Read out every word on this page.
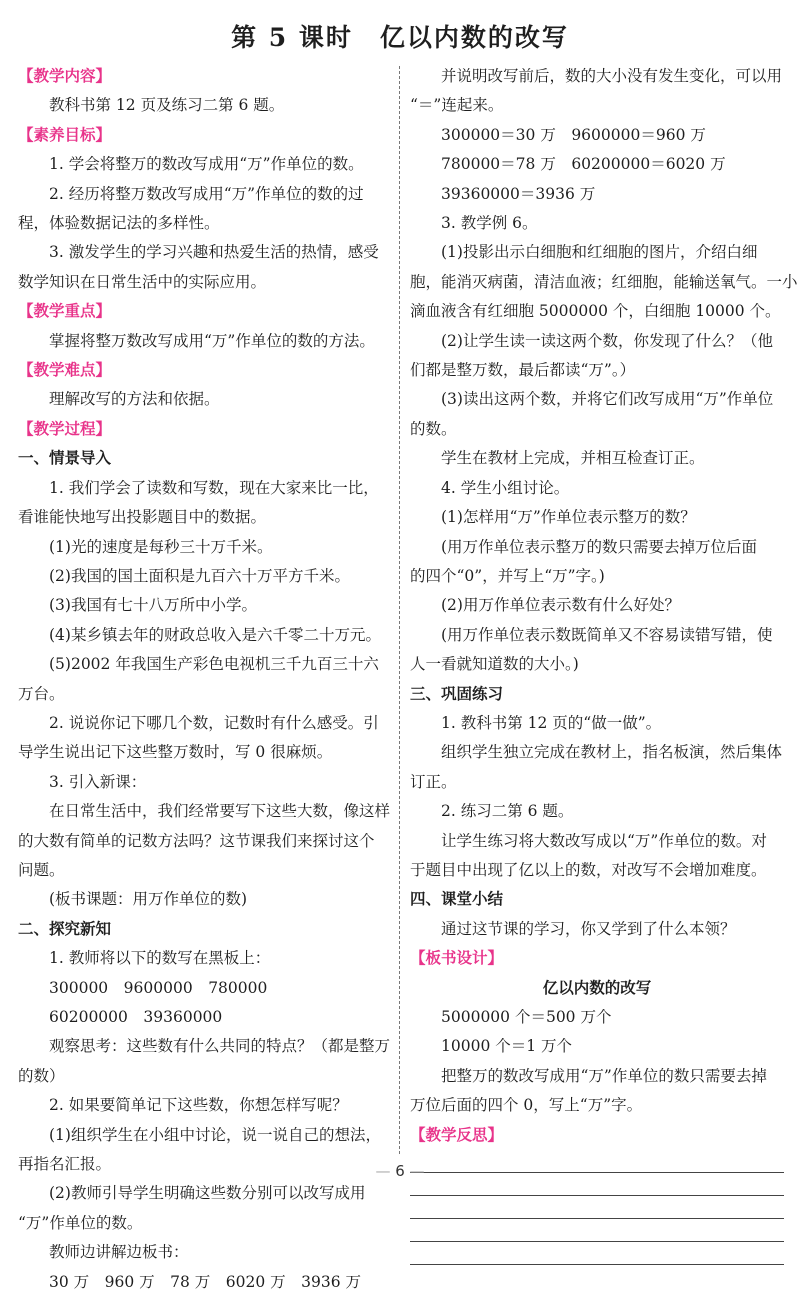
第 5 课时　亿以内数的改写
【教学内容】
教科书第 12 页及练习二第 6 题。
【素养目标】
1. 学会将整万的数改写成用“万”作单位的数。
2. 经历将整万数改写成用“万”作单位的数的过
程，体验数据记法的多样性。
3. 激发学生的学习兴趣和热爱生活的热情，感受
数学知识在日常生活中的实际应用。
【教学重点】
掌握将整万数改写成用“万”作单位的数的方法。
【教学难点】
理解改写的方法和依据。
【教学过程】
一、情景导入
1. 我们学会了读数和写数，现在大家来比一比，
看谁能快地写出投影题目中的数据。
(1)光的速度是每秒三十万千米。
(2)我国的国土面积是九百六十万平方千米。
(3)我国有七十八万所中小学。
(4)某乡镇去年的财政总收入是六千零二十万元。
(5)2002 年我国生产彩色电视机三千九百三十六
万台。
2. 说说你记下哪几个数，记数时有什么感受。引
导学生说出记下这些整万数时，写 0 很麻烦。
3. 引入新课：
在日常生活中，我们经常要写下这些大数，像这样
的大数有简单的记数方法吗？这节课我们来探讨这个
问题。
(板书课题：用万作单位的数)
二、探究新知
1. 教师将以下的数写在黑板上：
300000　9600000　780000
60200000　39360000
观察思考：这些数有什么共同的特点？（都是整万
的数）
2. 如果要简单记下这些数，你想怎样写呢？
(1)组织学生在小组中讨论，说一说自己的想法，
再指名汇报。
(2)教师引导学生明确这些数分别可以改写成用
“万”作单位的数。
教师边讲解边板书：
30 万　960 万　78 万　6020 万　3936 万
并说明改写前后，数的大小没有发生变化，可以用
“＝”连起来。
300000＝30 万　9600000＝960 万
780000＝78 万　60200000＝6020 万
39360000＝3936 万
3. 教学例 6。
(1)投影出示白细胞和红细胞的图片，介绍白细
胞，能消灭病菌，清洁血液；红细胞，能输送氧气。一小
滴血液含有红细胞 5000000 个，白细胞 10000 个。
(2)让学生读一读这两个数，你发现了什么？（他
们都是整万数，最后都读“万”。）
(3)读出这两个数，并将它们改写成用“万”作单位
的数。
学生在教材上完成，并相互检查订正。
4. 学生小组讨论。
(1)怎样用“万”作单位表示整万的数？
(用万作单位表示整万的数只需要去掉万位后面
的四个“0”，并写上“万”字。)
(2)用万作单位表示数有什么好处？
(用万作单位表示数既简单又不容易读错写错，使
人一看就知道数的大小。)
三、巩固练习
1. 教科书第 12 页的“做一做”。
组织学生独立完成在教材上，指名板演，然后集体
订正。
2. 练习二第 6 题。
让学生练习将大数改写成以“万”作单位的数。对
于题目中出现了亿以上的数，对改写不会增加难度。
四、课堂小结
通过这节课的学习，你又学到了什么本领？
【板书设计】
亿以内数的改写
5000000 个＝500 万个
10000 个＝1 万个
把整万的数改写成用“万”作单位的数只需要去掉
万位后面的四个 0，写上“万”字。
【教学反思】
— 6 —
